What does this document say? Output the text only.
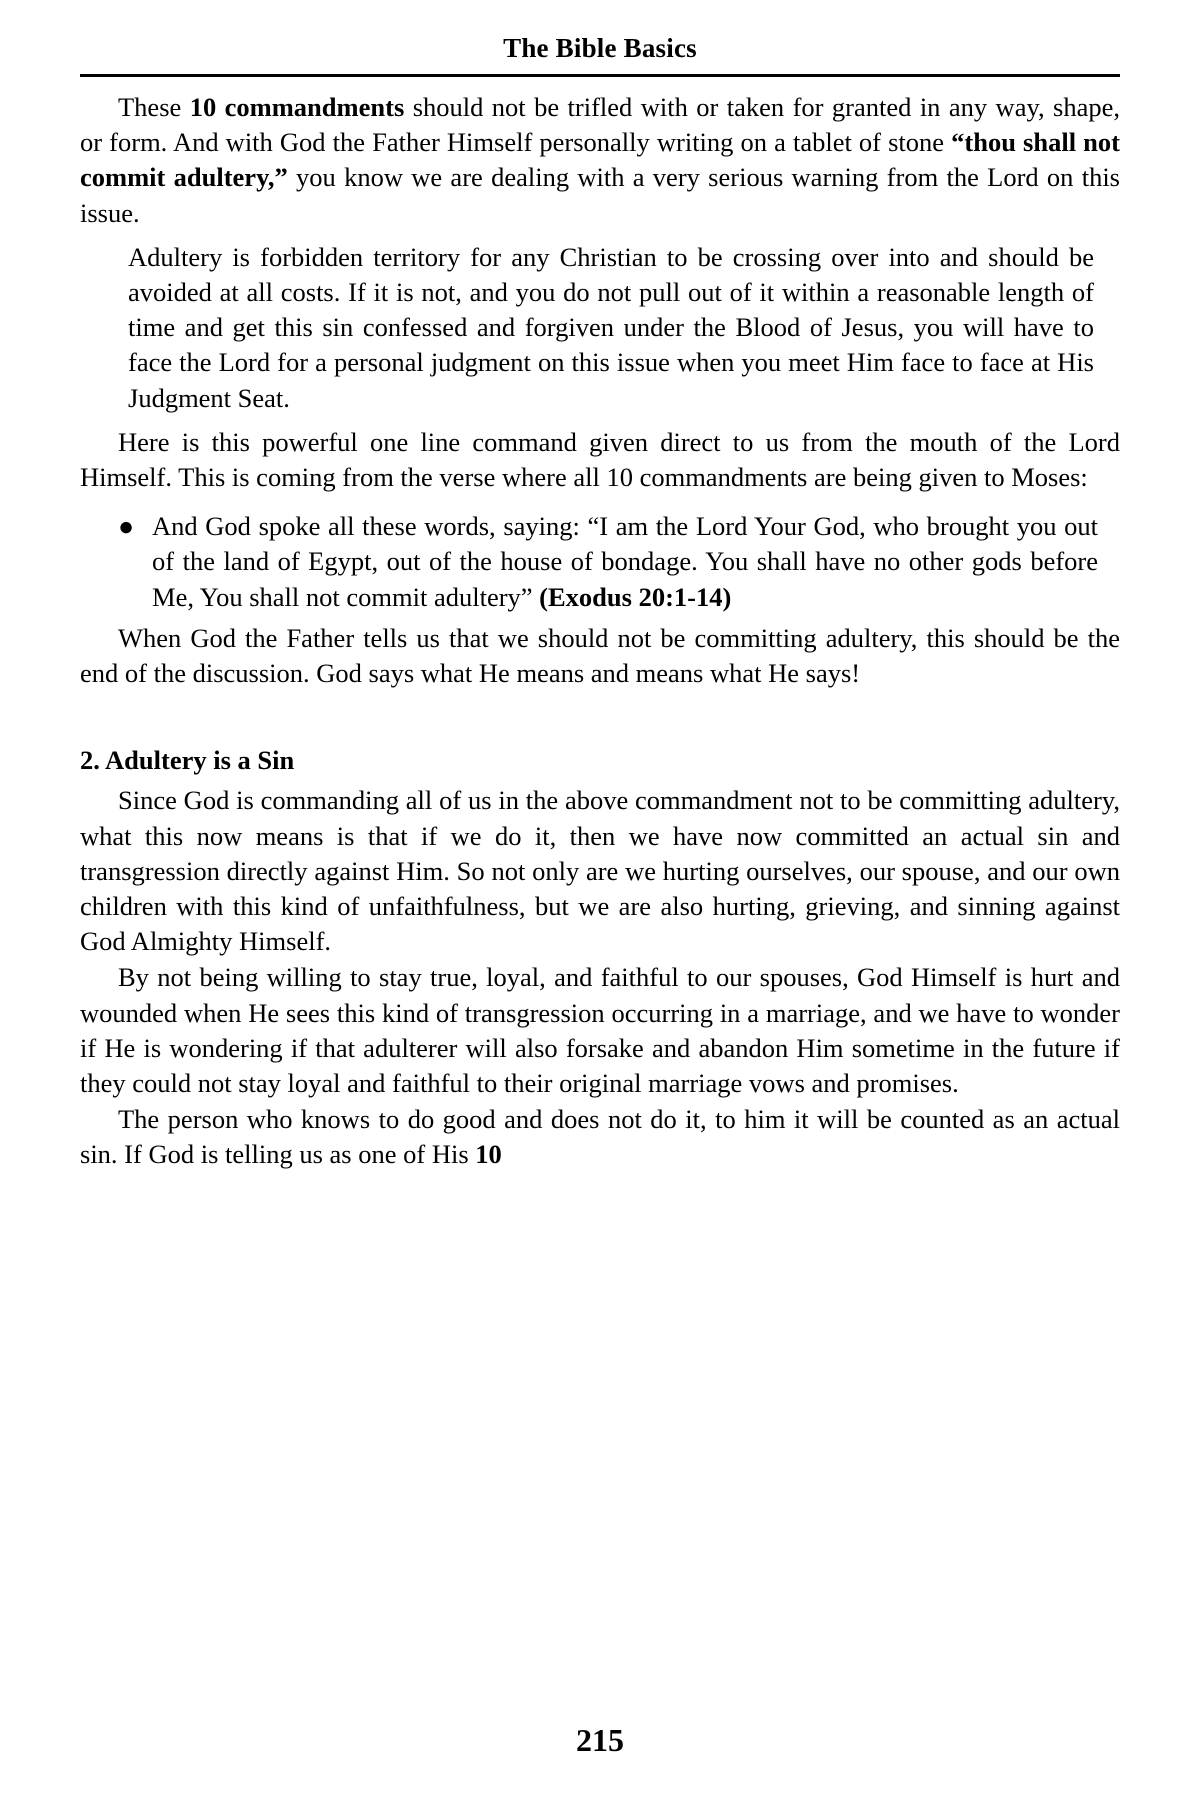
The Bible Basics

These 10 commandments should not be trifled with or taken for granted in any way, shape, or form. And with God the Father Himself personally writing on a tablet of stone “thou shall not commit adultery,” you know we are dealing with a very serious warning from the Lord on this issue.

Adultery is forbidden territory for any Christian to be crossing over into and should be avoided at all costs. If it is not, and you do not pull out of it within a reasonable length of time and get this sin confessed and forgiven under the Blood of Jesus, you will have to face the Lord for a personal judgment on this issue when you meet Him face to face at His Judgment Seat.

Here is this powerful one line command given direct to us from the mouth of the Lord Himself. This is coming from the verse where all 10 commandments are being given to Moses:

● And God spoke all these words, saying: “I am the Lord Your God, who brought you out of the land of Egypt, out of the house of bondage. You shall have no other gods before Me, You shall not commit adultery” (Exodus 20:1-14)

When God the Father tells us that we should not be committing adultery, this should be the end of the discussion. God says what He means and means what He says!

2. Adultery is a Sin

Since God is commanding all of us in the above commandment not to be committing adultery, what this now means is that if we do it, then we have now committed an actual sin and transgression directly against Him. So not only are we hurting ourselves, our spouse, and our own children with this kind of unfaithfulness, but we are also hurting, grieving, and sinning against God Almighty Himself.

By not being willing to stay true, loyal, and faithful to our spouses, God Himself is hurt and wounded when He sees this kind of transgression occurring in a marriage, and we have to wonder if He is wondering if that adulterer will also forsake and abandon Him sometime in the future if they could not stay loyal and faithful to their original marriage vows and promises.

The person who knows to do good and does not do it, to him it will be counted as an actual sin. If God is telling us as one of His 10

215
